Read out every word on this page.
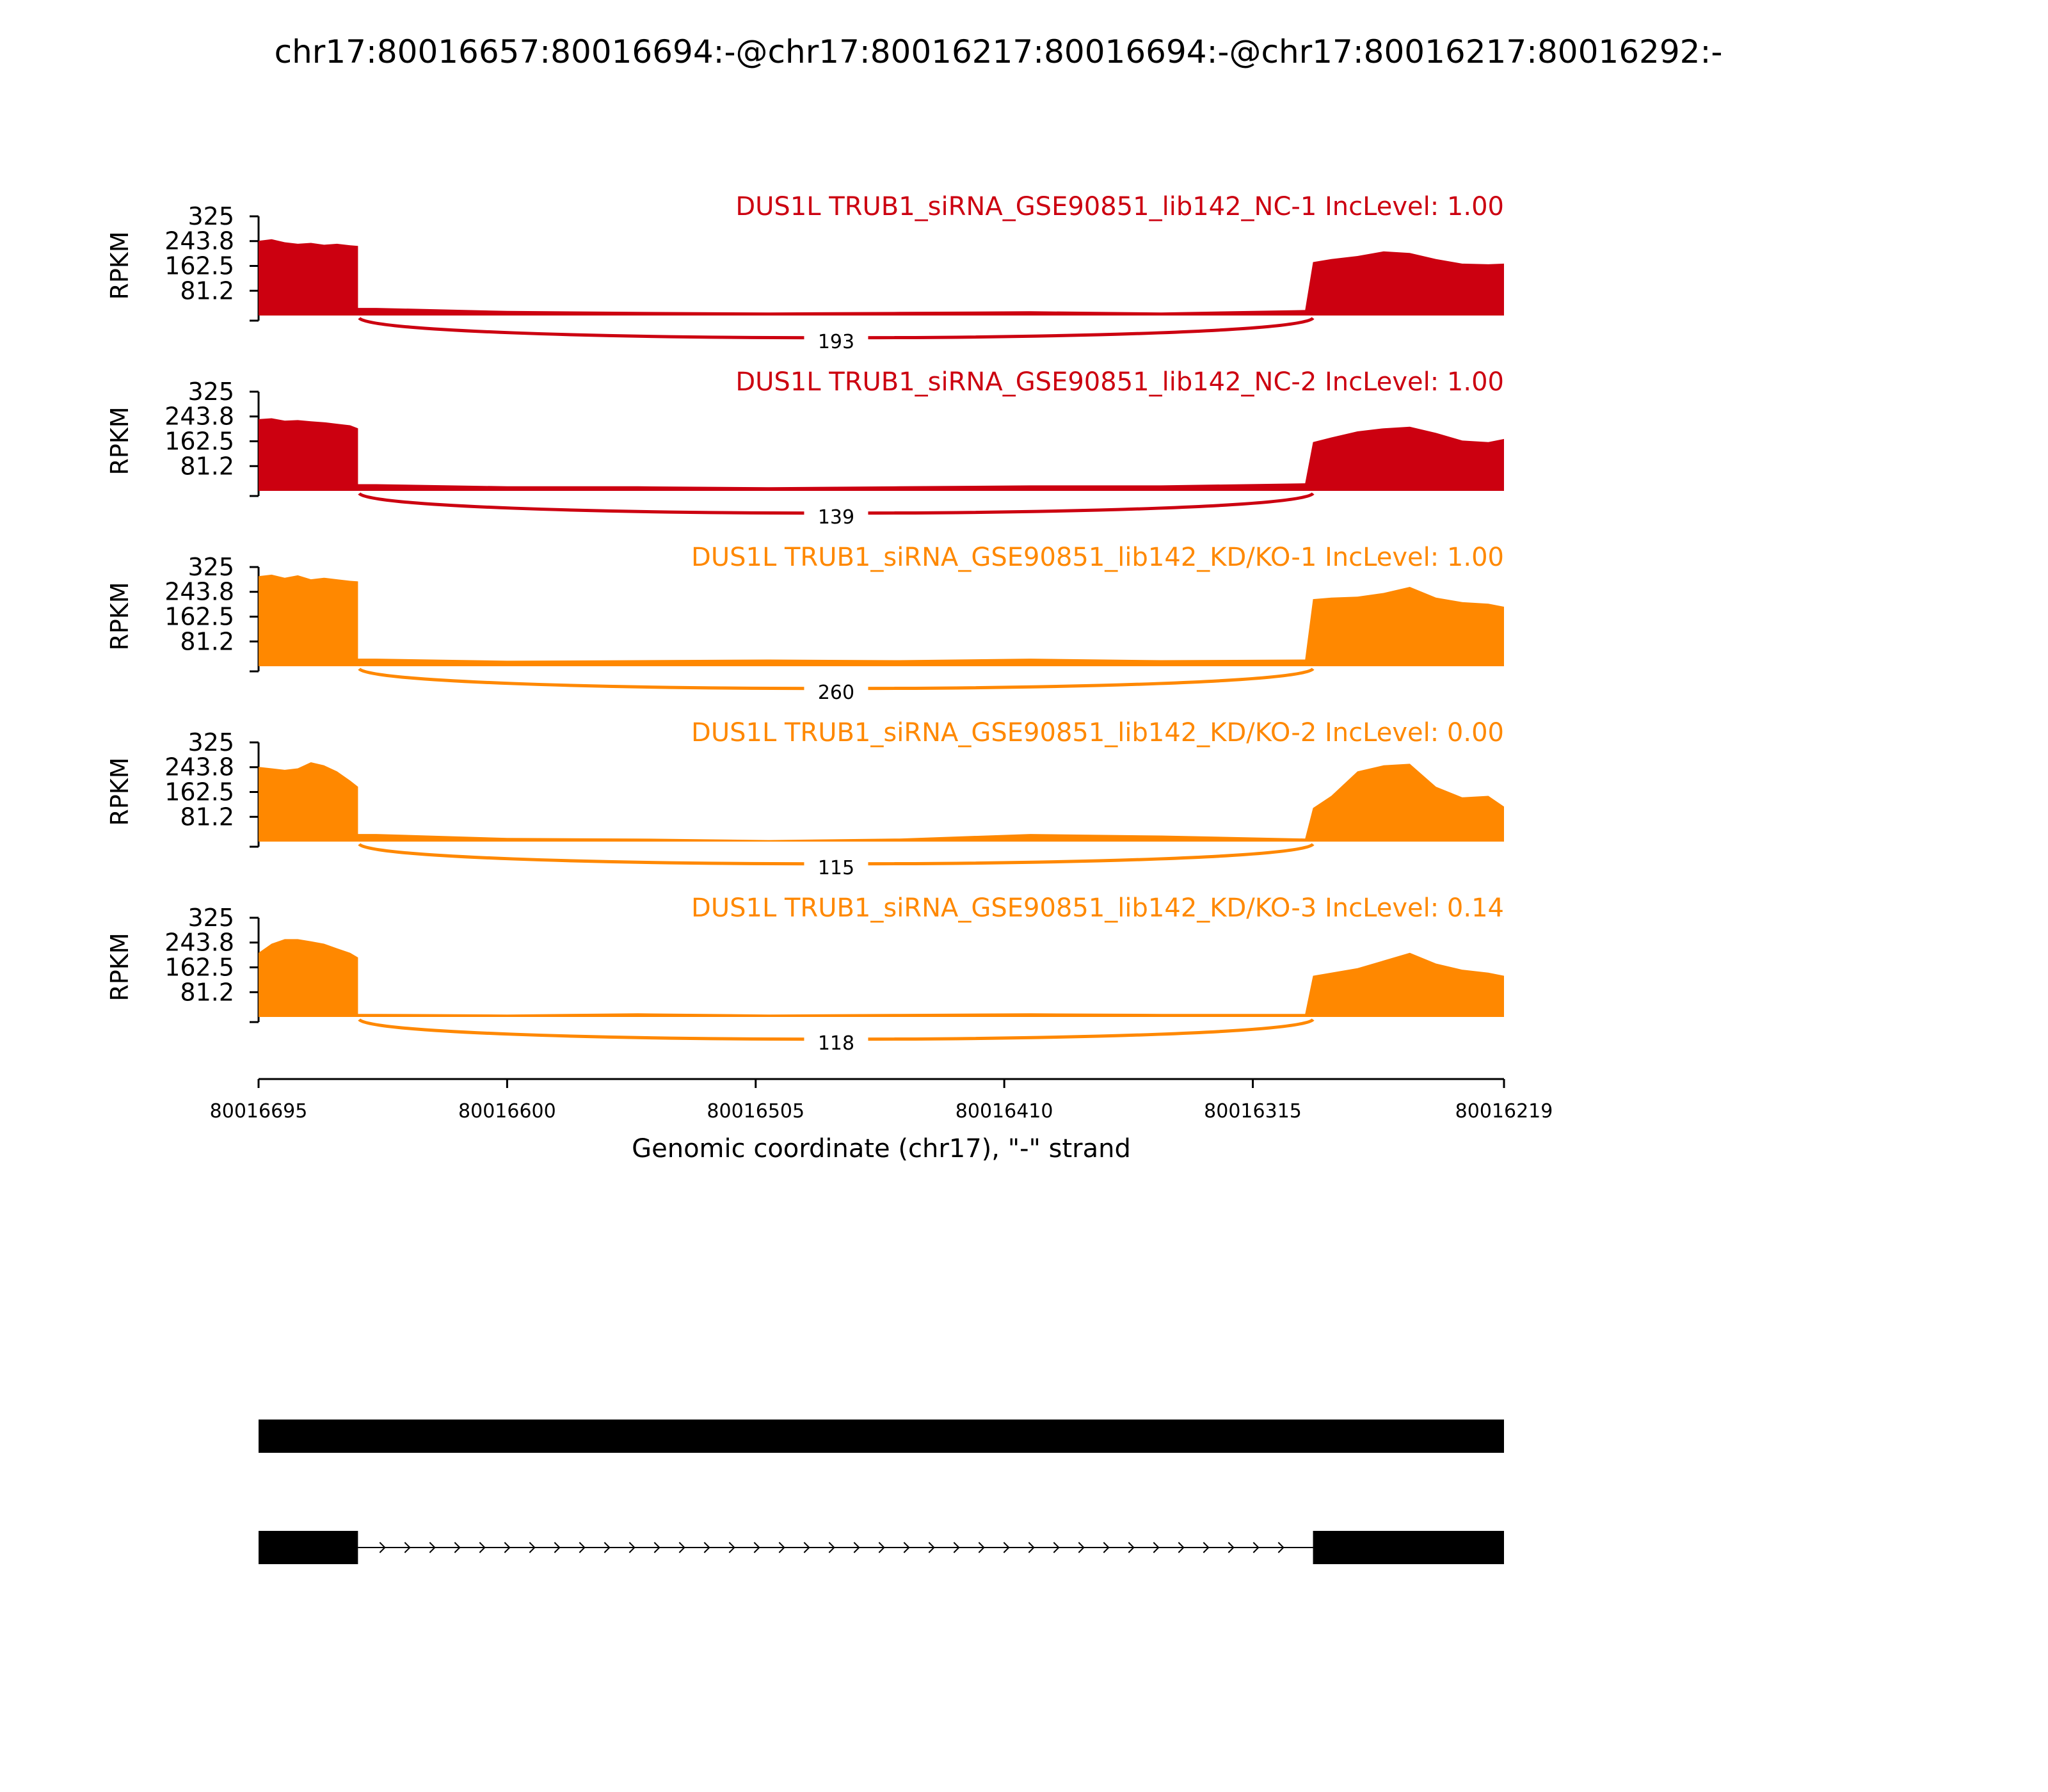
chr17:80016657:80016694:-@chr17:80016217:80016694:-@chr17:80016217:80016292:-
325
243.8
162.5
81.2
RPKM
193
DUS1L TRUB1_siRNA_GSE90851_lib142_NC-1 IncLevel: 1.00
325
243.8
162.5
81.2
RPKM
139
DUS1L TRUB1_siRNA_GSE90851_lib142_NC-2 IncLevel: 1.00
325
243.8
162.5
81.2
RPKM
260
DUS1L TRUB1_siRNA_GSE90851_lib142_KD/KO-1 IncLevel: 1.00
325
243.8
162.5
81.2
RPKM
115
DUS1L TRUB1_siRNA_GSE90851_lib142_KD/KO-2 IncLevel: 0.00
325
243.8
162.5
81.2
RPKM
118
DUS1L TRUB1_siRNA_GSE90851_lib142_KD/KO-3 IncLevel: 0.14
80016695	80016600	80016505	80016410	80016315	80016219
Genomic coordinate (chr17), "-" strand
